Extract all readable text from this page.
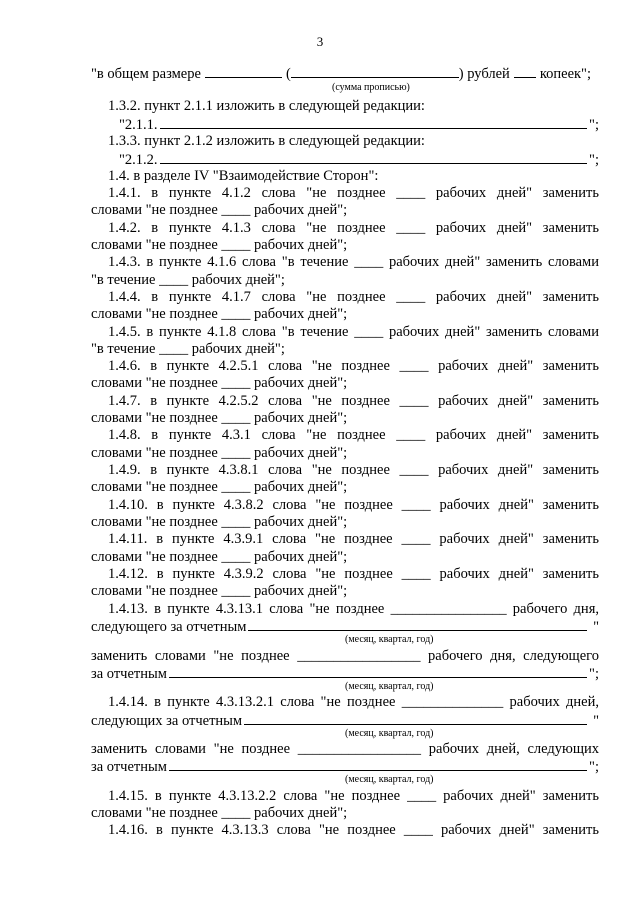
3
"в общем размере	(	) рублей копеек";
(сумма прописью)
1.3.2. пункт 2.1.1 изложить в следующей редакции:
"2.1.1.	";
1.3.3. пункт 2.1.2 изложить в следующей редакции:
"2.1.2.	";
1.4. в разделе IV "Взаимодействие Сторон":
1.4.1. в пункте 4.1.2 слова "не позднее ____ рабочих дней" заменить
словами "не позднее ____ рабочих дней";
1.4.2. в пункте 4.1.3 слова "не позднее ____ рабочих дней" заменить
словами "не позднее ____ рабочих дней";
1.4.3. в пункте 4.1.6 слова "в течение ____ рабочих дней" заменить словами
"в течение ____ рабочих дней";
1.4.4. в пункте 4.1.7 слова "не позднее ____ рабочих дней" заменить
словами "не позднее ____ рабочих дней";
1.4.5. в пункте 4.1.8 слова "в течение ____ рабочих дней" заменить словами
"в течение ____ рабочих дней";
1.4.6. в пункте 4.2.5.1 слова "не позднее ____ рабочих дней" заменить
словами "не позднее ____ рабочих дней";
1.4.7. в пункте 4.2.5.2 слова "не позднее ____ рабочих дней" заменить
словами "не позднее ____ рабочих дней";
1.4.8. в пункте 4.3.1 слова "не позднее ____ рабочих дней" заменить
словами "не позднее ____ рабочих дней";
1.4.9. в пункте 4.3.8.1 слова "не позднее ____ рабочих дней" заменить
словами "не позднее ____ рабочих дней";
1.4.10. в пункте 4.3.8.2 слова "не позднее ____ рабочих дней" заменить
словами "не позднее ____ рабочих дней";
1.4.11. в пункте 4.3.9.1 слова "не позднее ____ рабочих дней" заменить
словами "не позднее ____ рабочих дней";
1.4.12. в пункте 4.3.9.2 слова "не позднее ____ рабочих дней" заменить
словами "не позднее ____ рабочих дней";
1.4.13. в пункте 4.3.13.1 слова "не позднее ________________ рабочего дня,
следующего за отчетным	"
(месяц, квартал, год)
заменить словами "не позднее _________________ рабочего дня, следующего
за отчетным	";
(месяц, квартал, год)
1.4.14. в пункте 4.3.13.2.1 слова "не позднее ______________ рабочих дней,
следующих за отчетным	"
(месяц, квартал, год)
заменить словами "не позднее _________________ рабочих дней, следующих
за отчетным	";
(месяц, квартал, год)
1.4.15. в пункте 4.3.13.2.2 слова "не позднее ____ рабочих дней" заменить
словами "не позднее ____ рабочих дней";
1.4.16. в пункте 4.3.13.3 слова "не позднее ____ рабочих дней" заменить
